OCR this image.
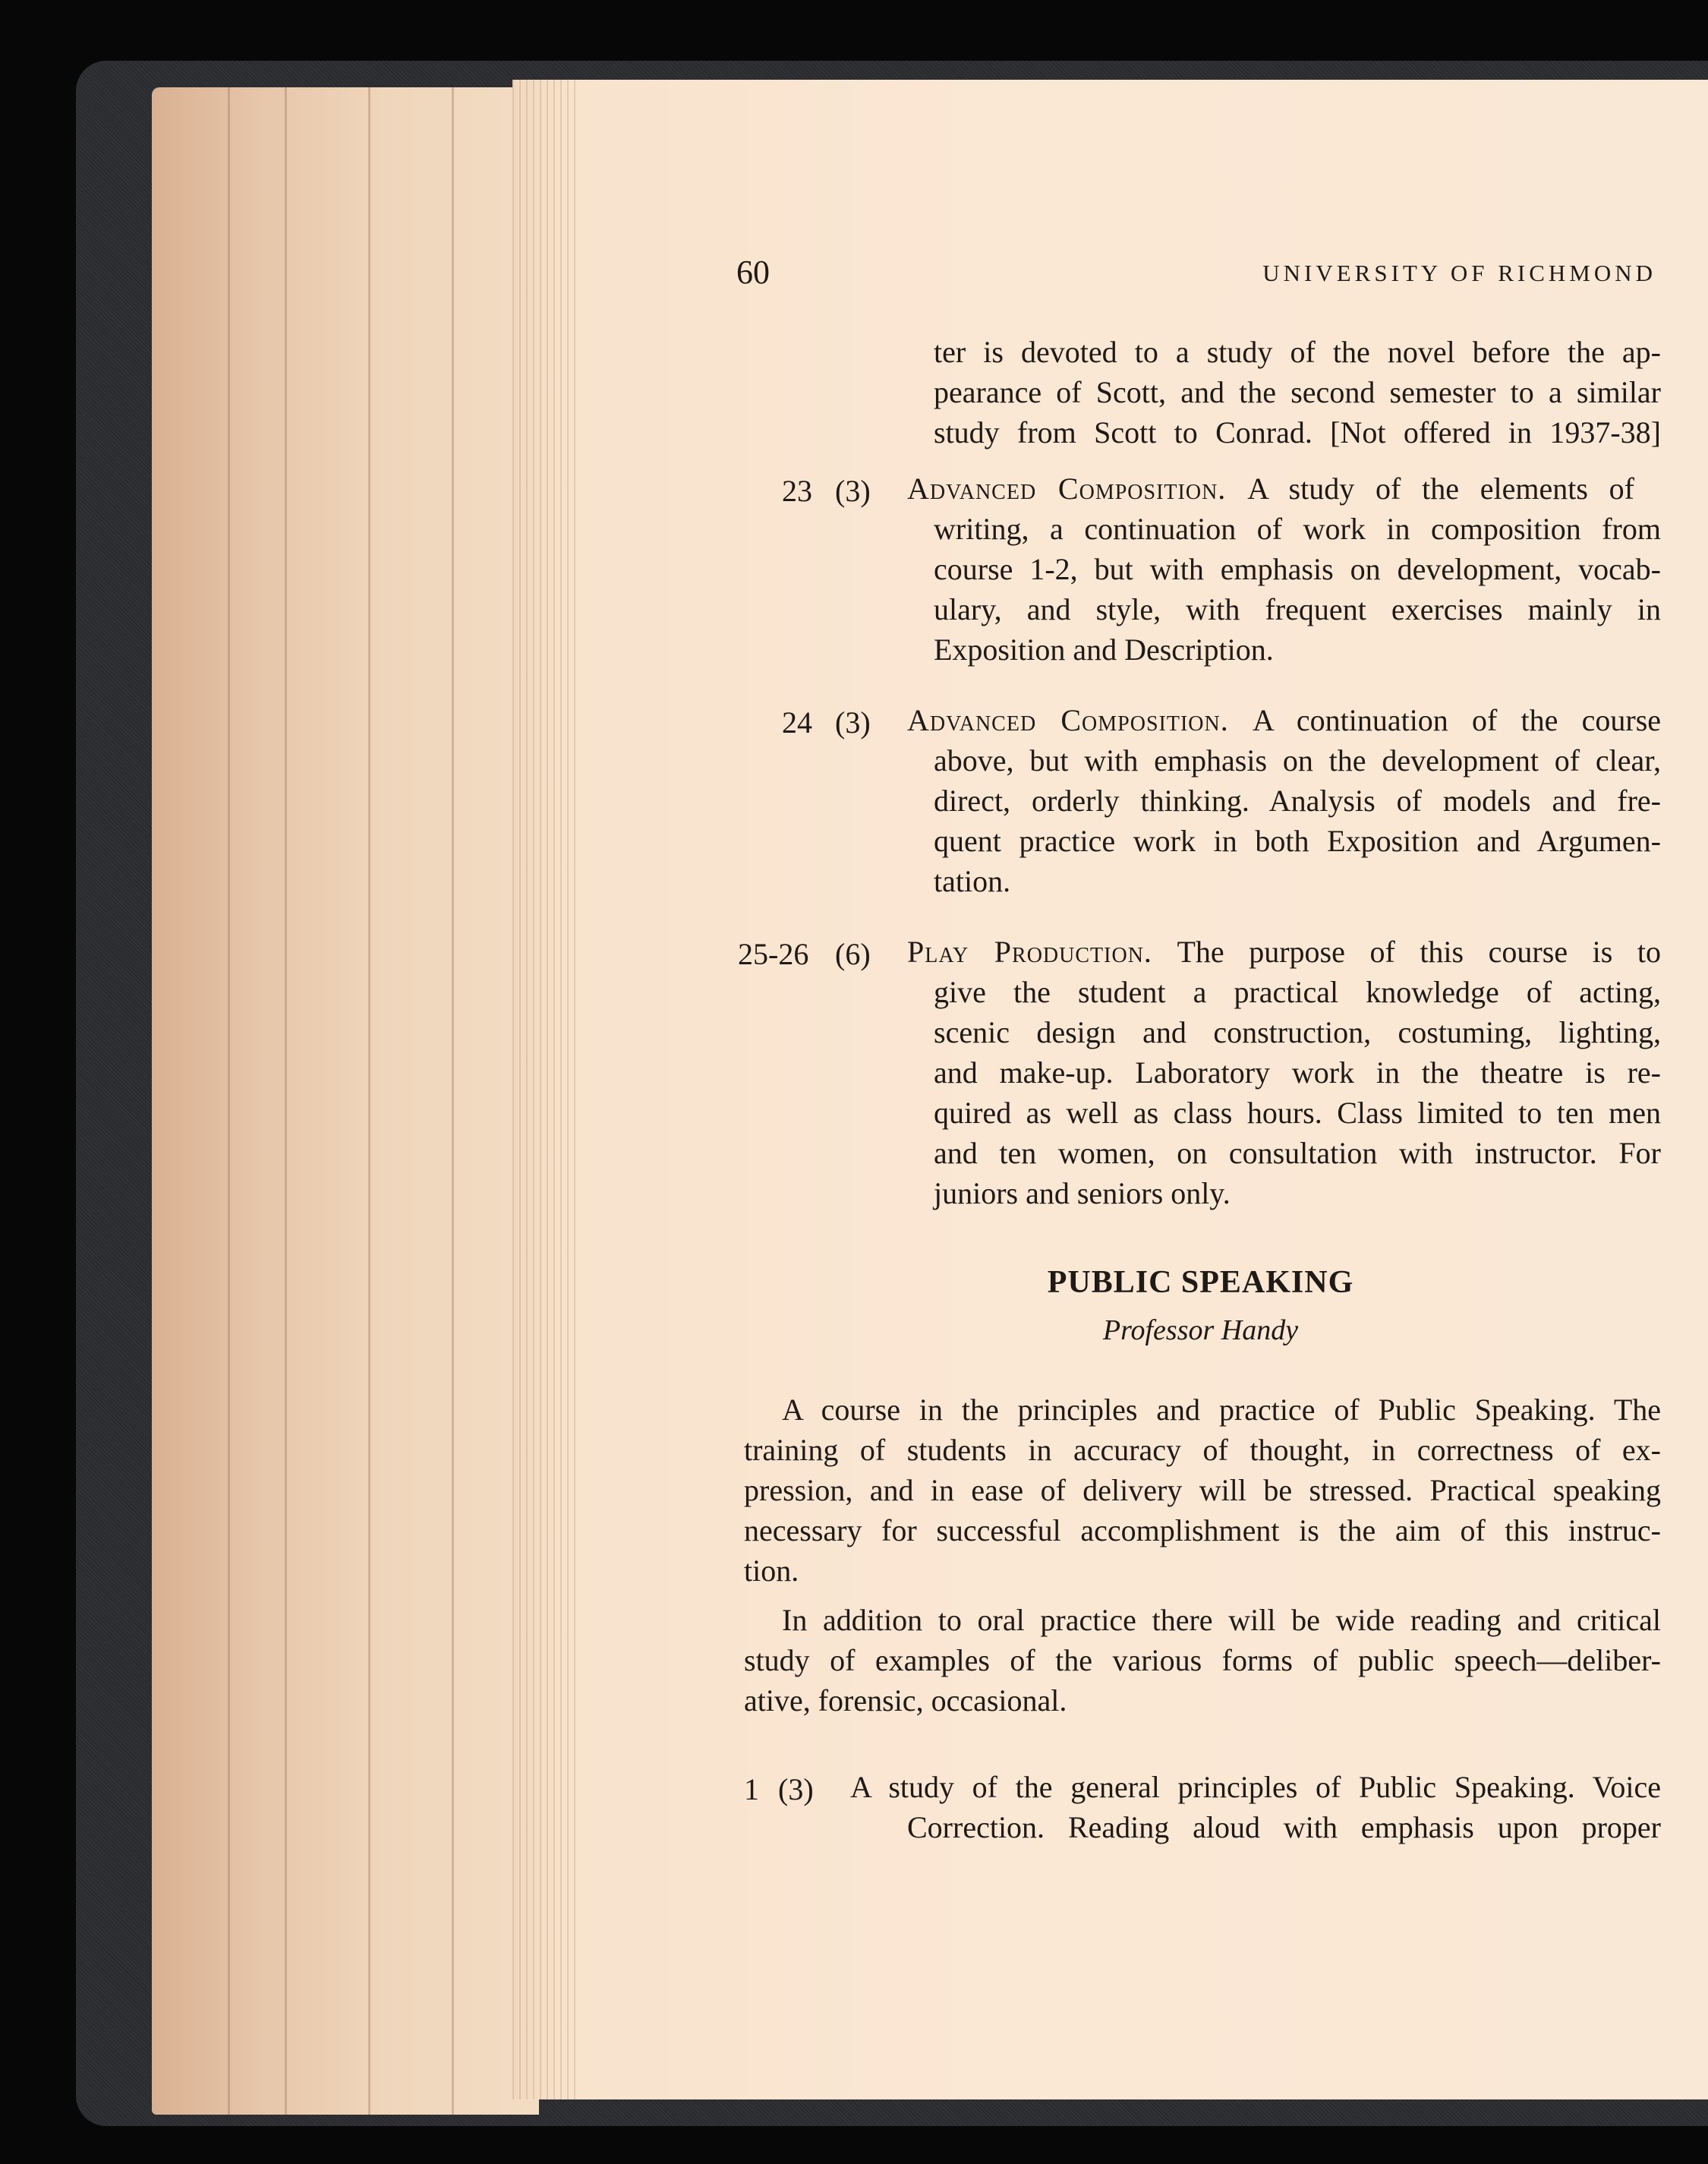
60	UNIVERSITY OF RICHMOND
ter is devoted to a study of the novel before the ap-
pearance of Scott, and the second semester to a similar
study from Scott to Conrad. [Not offered in 1937-38]
23 (3) Advanced Composition. A study of the elements of
writing, a continuation of work in composition from
course 1-2, but with emphasis on development, vocab-
ulary, and style, with frequent exercises mainly in
Exposition and Description.
24 (3) Advanced Composition. A continuation of the course
above, but with emphasis on the development of clear,
direct, orderly thinking. Analysis of models and fre-
quent practice work in both Exposition and Argumen-
tation.
25-26 (6) Play Production. The purpose of this course is to
give the student a practical knowledge of acting,
scenic design and construction, costuming, lighting,
and make-up. Laboratory work in the theatre is re-
quired as well as class hours. Class limited to ten men
and ten women, on consultation with instructor. For
juniors and seniors only.
PUBLIC SPEAKING
Professor Handy
A course in the principles and practice of Public Speaking. The
training of students in accuracy of thought, in correctness of ex-
pression, and in ease of delivery will be stressed. Practical speaking
necessary for successful accomplishment is the aim of this instruc-
tion.
In addition to oral practice there will be wide reading and critical
study of examples of the various forms of public speech—deliber-
ative, forensic, occasional.
1 (3) A study of the general principles of Public Speaking. Voice
Correction. Reading aloud with emphasis upon proper
